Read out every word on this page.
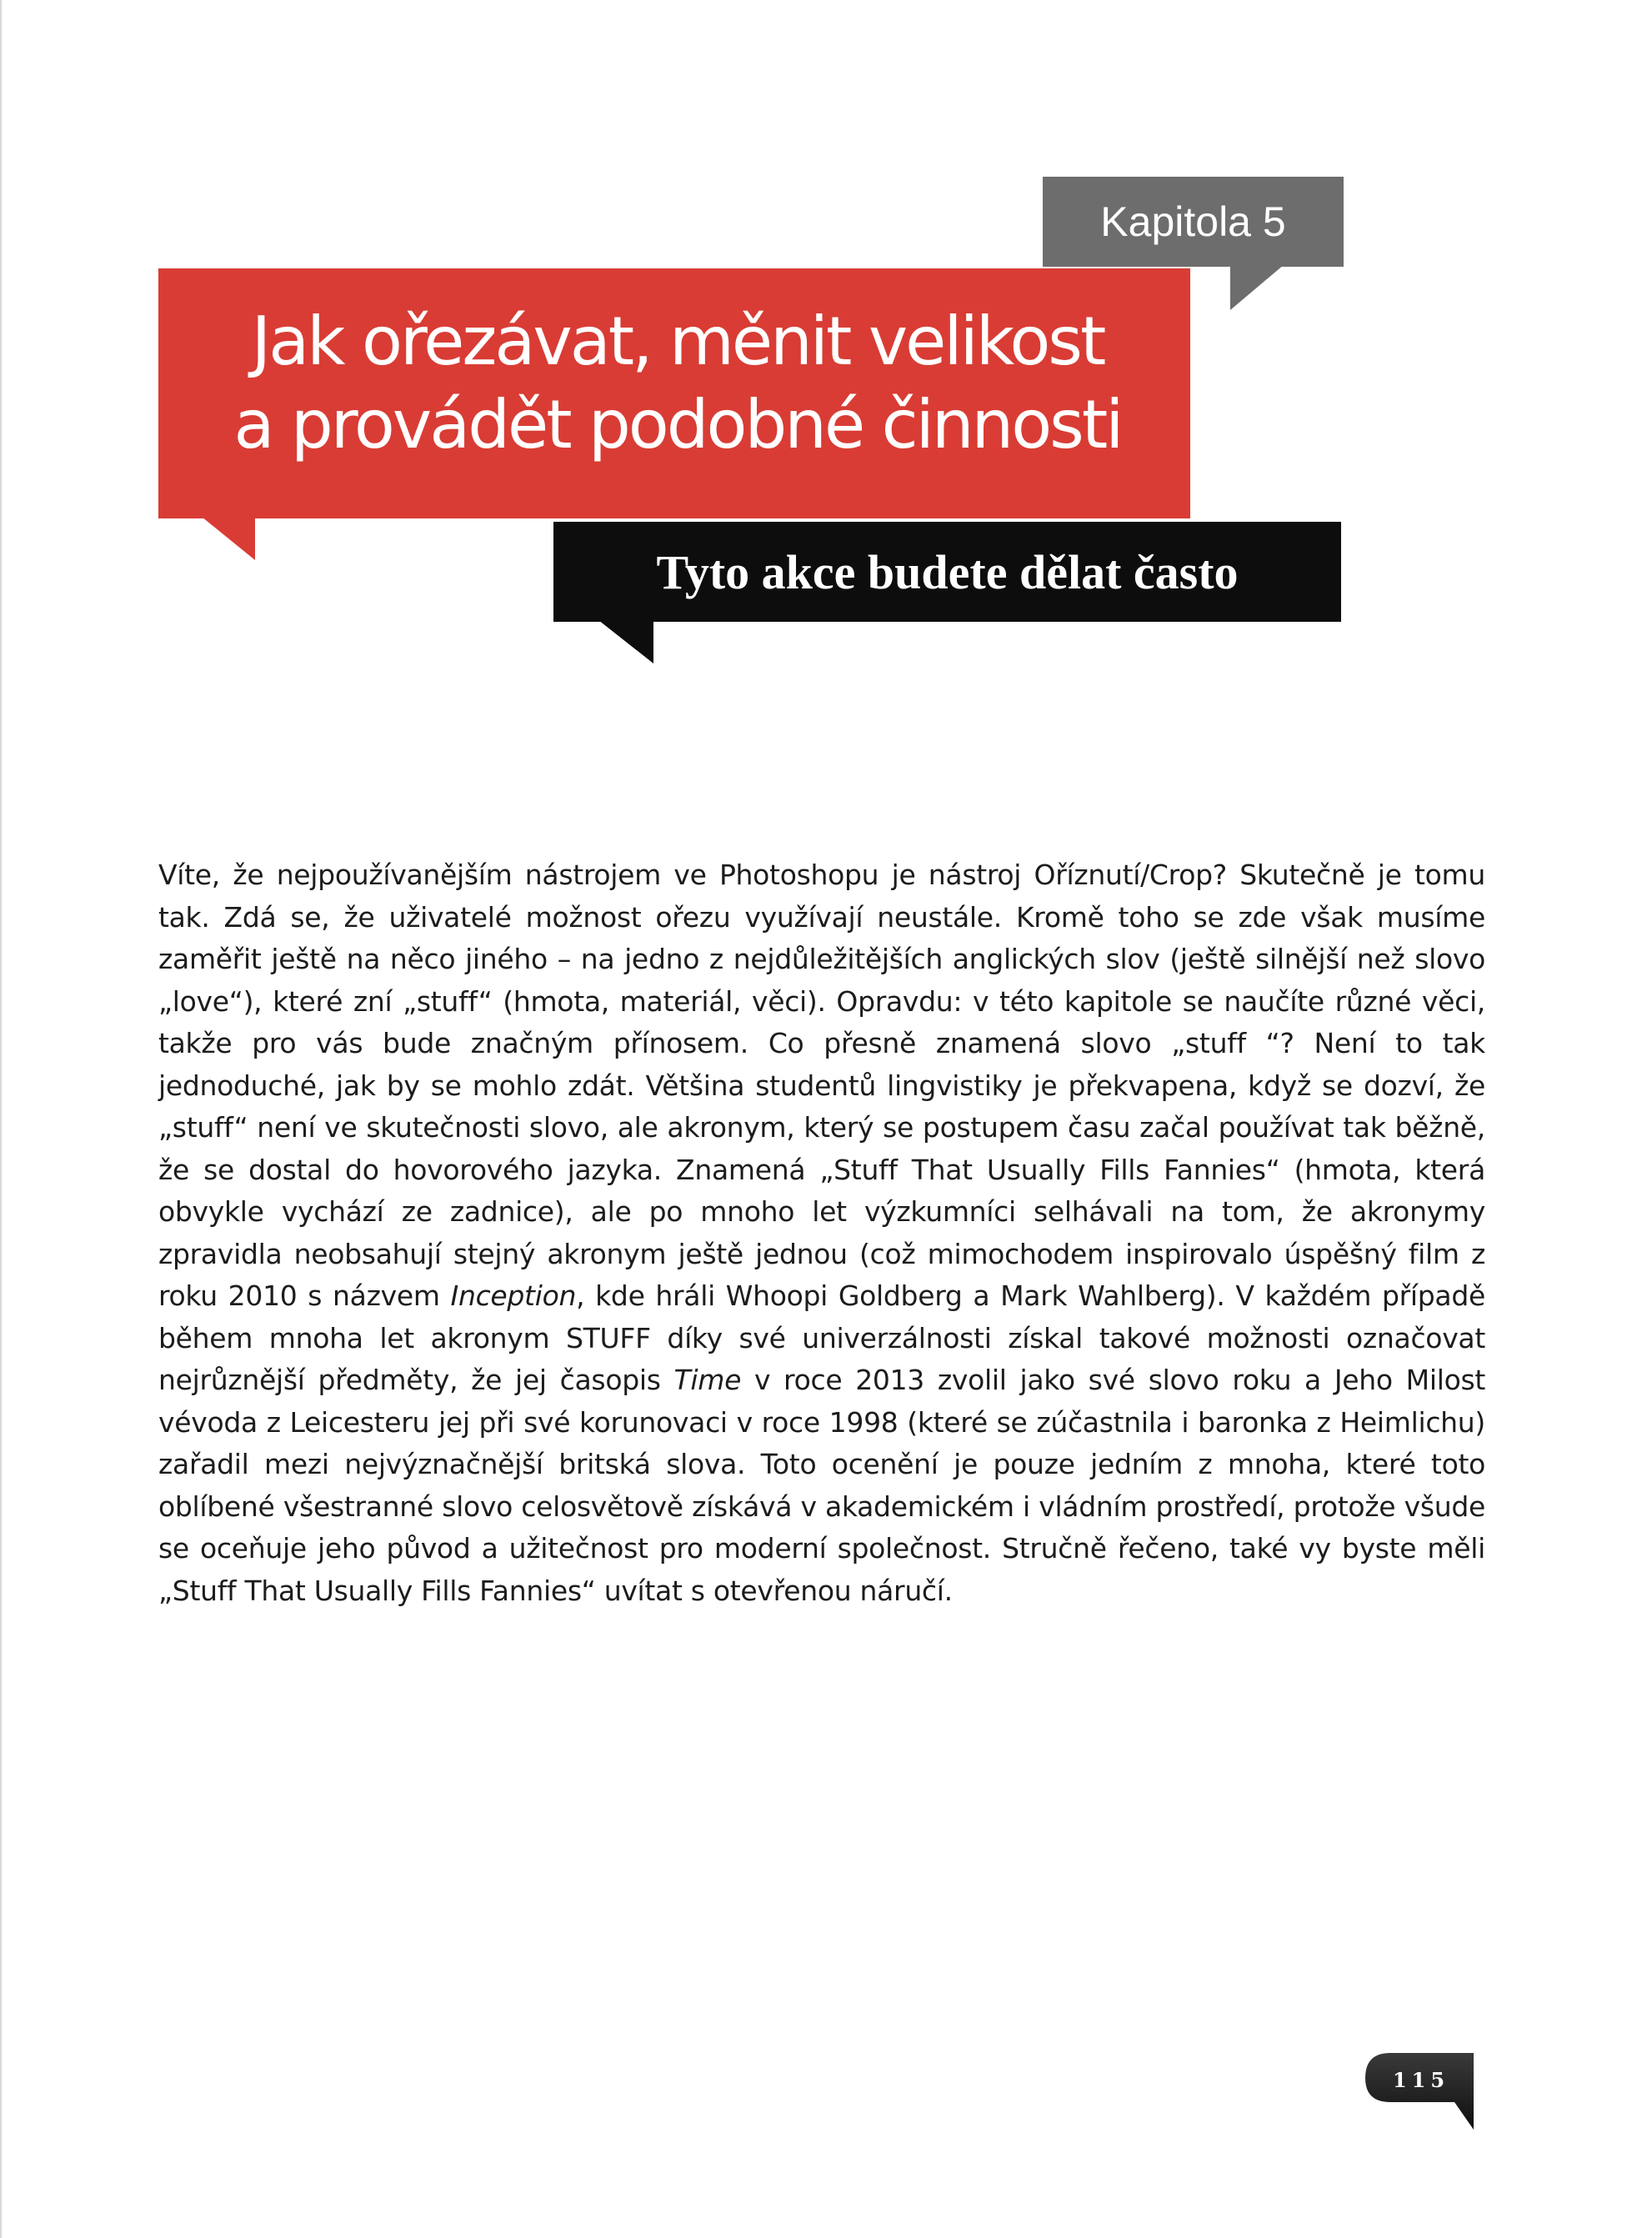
Kapitola 5
Jak ořezávat, měnit velikost
a provádět podobné činnosti
Tyto akce budete dělat často

Víte, že nejpoužívanějším nástrojem ve Photoshopu je nástroj Oříznutí/Crop? Skutečně je tomu tak. Zdá se, že uživatelé možnost ořezu využívají neustále. Kromě toho se zde však musíme zaměřit ještě na něco jiného – na jedno z nejdůležitějších anglických slov (ještě silnější než slovo „love“), které zní „stuff“ (hmota, materiál, věci). Opravdu: v této kapitole se naučíte různé věci, takže pro vás bude značným přínosem. Co přesně znamená slovo „stuff “? Není to tak jednoduché, jak by se mohlo zdát. Většina studentů lingvistiky je překvapena, když se dozví, že „stuff“ není ve skutečnosti slovo, ale akronym, který se postupem času začal používat tak běžně, že se dostal do hovorového jazyka. Znamená „Stuff That Usually Fills Fannies“ (hmota, která obvykle vychází ze zadnice), ale po mnoho let výzkumníci selhávali na tom, že akronymy zpravidla neobsahují stejný akronym ještě jednou (což mimochodem inspirovalo úspěšný film z roku 2010 s názvem Inception, kde hráli Whoopi Goldberg a Mark Wahlberg). V každém případě během mnoha let akronym STUFF díky své univerzálnosti získal takové možnosti označovat nejrůznější předměty, že jej časopis Time v roce 2013 zvolil jako své slovo roku a Jeho Milost vévoda z Leicesteru jej při své korunovaci v roce 1998 (které se zúčastnila i baronka z Heimlichu) zařadil mezi nejvýznačnější britská slova. Toto ocenění je pouze jedním z mnoha, které toto oblíbené všestranné slovo celosvětově získává v akademickém i vládním prostředí, protože všude se oceňuje jeho původ a užitečnost pro moderní společnost. Stručně řečeno, také vy byste měli „Stuff That Usually Fills Fannies“ uvítat s otevřenou náručí.

115
